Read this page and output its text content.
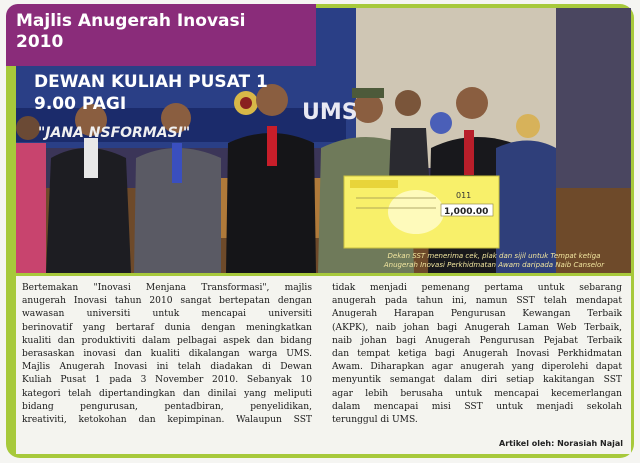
DEWAN KULIAH PUSAT 1
9.00 PAGI
"JANA NSFORMASI"
UMS
011
1,000.00
Majlis Anugerah Inovasi
2010
Dekan SST menerima cek, plak dan sijil untuk Tempat ketiga
Anugerah Inovasi Perkhidmatan Awam daripada Naib Canselor
Bertemakan "Inovasi Menjana Transformasi", majlis
anugerah Inovasi tahun 2010 sangat bertepatan dengan
wawasan universiti untuk mencapai universiti
berinovatif yang bertaraf dunia dengan meningkatkan
kualiti dan produktiviti dalam pelbagai aspek dan bidang
berasaskan inovasi dan kualiti dikalangan warga UMS.
Majlis Anugerah Inovasi ini telah diadakan di Dewan
Kuliah Pusat 1 pada 3 November 2010. Sebanyak 10
kategori telah dipertandingkan dan dinilai yang meliputi
bidang pengurusan, pentadbiran, penyelidikan,
kreativiti, ketokohan dan kepimpinan. Walaupun SST
tidak menjadi pemenang pertama untuk sebarang
anugerah pada tahun ini, namun SST telah mendapat
Anugerah Harapan Pengurusan Kewangan Terbaik
(AKPK), naib johan bagi Anugerah Laman Web Terbaik,
naib johan bagi Anugerah Pengurusan Pejabat Terbaik
dan tempat ketiga bagi Anugerah Inovasi Perkhidmatan
Awam. Diharapkan agar anugerah yang diperolehi dapat
menyuntik semangat dalam diri setiap kakitangan SST
agar lebih berusaha untuk mencapai kecemerlangan
dalam mencapai misi SST untuk menjadi sekolah
terunggul di UMS.
Artikel oleh: Norasiah Najal
